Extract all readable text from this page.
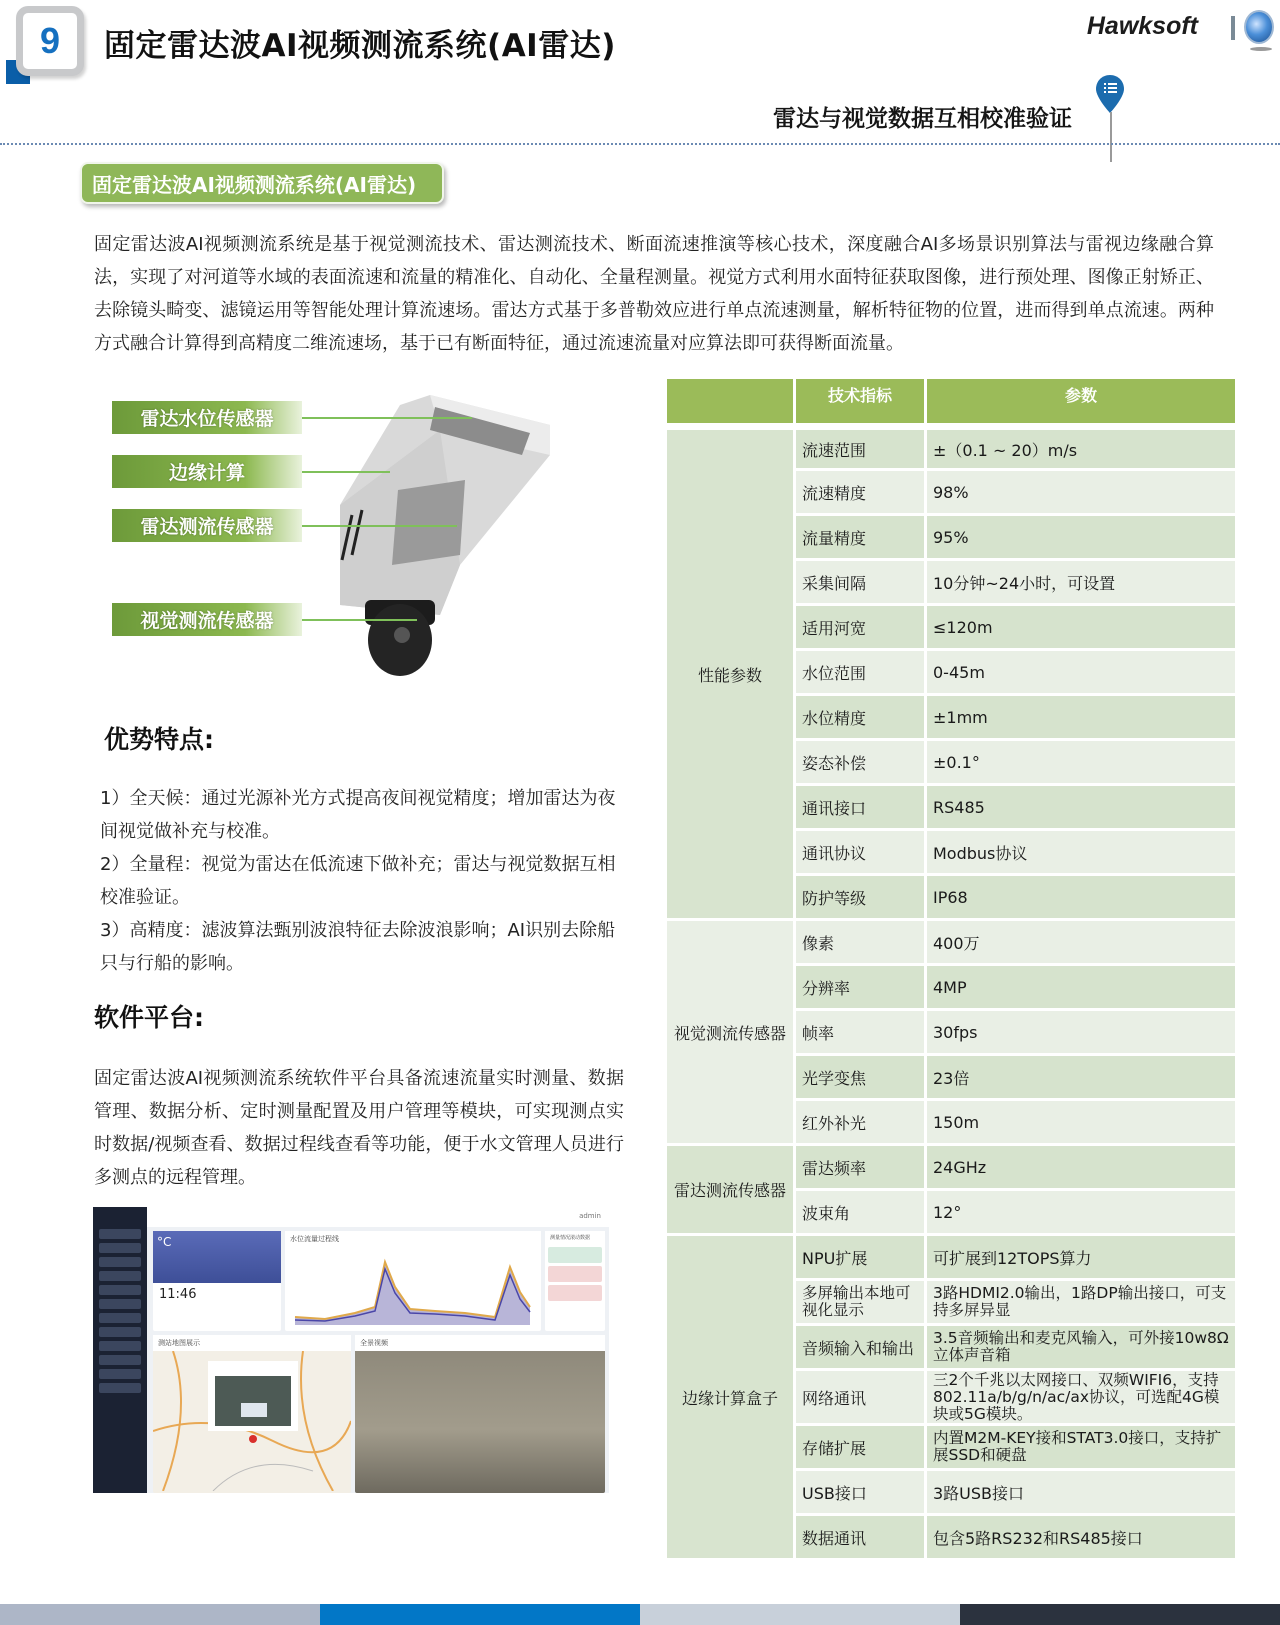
9 固定雷达波AI视频测流系统(AI雷达)
Hawksoft
雷达与视觉数据互相校准验证
固定雷达波AI视频测流系统(AI雷达)

固定雷达波AI视频测流系统是基于视觉测流技术、雷达测流技术、断面流速推演等核心技术，深度融合AI多场景识别算法与雷视边缘融合算法，实现了对河道等水域的表面流速和流量的精准化、自动化、全量程测量。视觉方式利用水面特征获取图像，进行预处理、图像正射矫正、去除镜头畸变、滤镜运用等智能处理计算流速场。雷达方式基于多普勒效应进行单点流速测量，解析特征物的位置，进而得到单点流速。两种方式融合计算得到高精度二维流速场，基于已有断面特征，通过流速流量对应算法即可获得断面流量。

雷达水位传感器
边缘计算
雷达测流传感器
视觉测流传感器
优势特点:

1）全天候：通过光源补光方式提高夜间视觉精度；增加雷达为夜间视觉做补充与校准。

2）全量程：视觉为雷达在低流速下做补充；雷达与视觉数据互相校准验证。

3）高精度：滤波算法甄别波浪特征去除波浪影响；AI识别去除船只与行船的影响。

软件平台:

固定雷达波AI视频测流系统软件平台具备流速流量实时测量、数据管理、数据分析、定时测量配置及用户管理等模块，可实现测点实时数据/视频查看、数据过程线查看等功能，便于水文管理人员进行多测点的远程管理。

admin
°C
11:46
水位流量过程线	测量情况滚动数据
测站地图展示	全景视频
	技术指标	参数
性能参数	流速范围	±（0.1 ~ 20）m/s
	流速精度	98%
	流量精度	95%
	采集间隔	10分钟~24小时，可设置
	适用河宽	≤120m
	水位范围	0-45m
	水位精度	±1mm
	姿态补偿	±0.1°
	通讯接口	RS485
	通讯协议	Modbus协议
	防护等级	IP68
视觉测流传感器	像素	400万
	分辨率	4MP
	帧率	30fps
	光学变焦	23倍
	红外补光	150m
雷达测流传感器	雷达频率	24GHz
	波束角	12°
边缘计算盒子	NPU扩展	可扩展到12TOPS算力
	多屏输出本地可视化显示	3路HDMI2.0输出，1路DP输出接口，可支持多屏异显
	音频输入和输出	3.5音频输出和麦克风输入，可外接10w8Ω立体声音箱
	网络通讯	三2个千兆以太网接口、双频WIFI6，支持802.11a/b/g/n/ac/ax协议，可选配4G模块或5G模块。
	存储扩展	内置M2M-KEY接和STAT3.0接口，支持扩展SSD和硬盘
	USB接口	3路USB接口
	数据通讯	包含5路RS232和RS485接口
